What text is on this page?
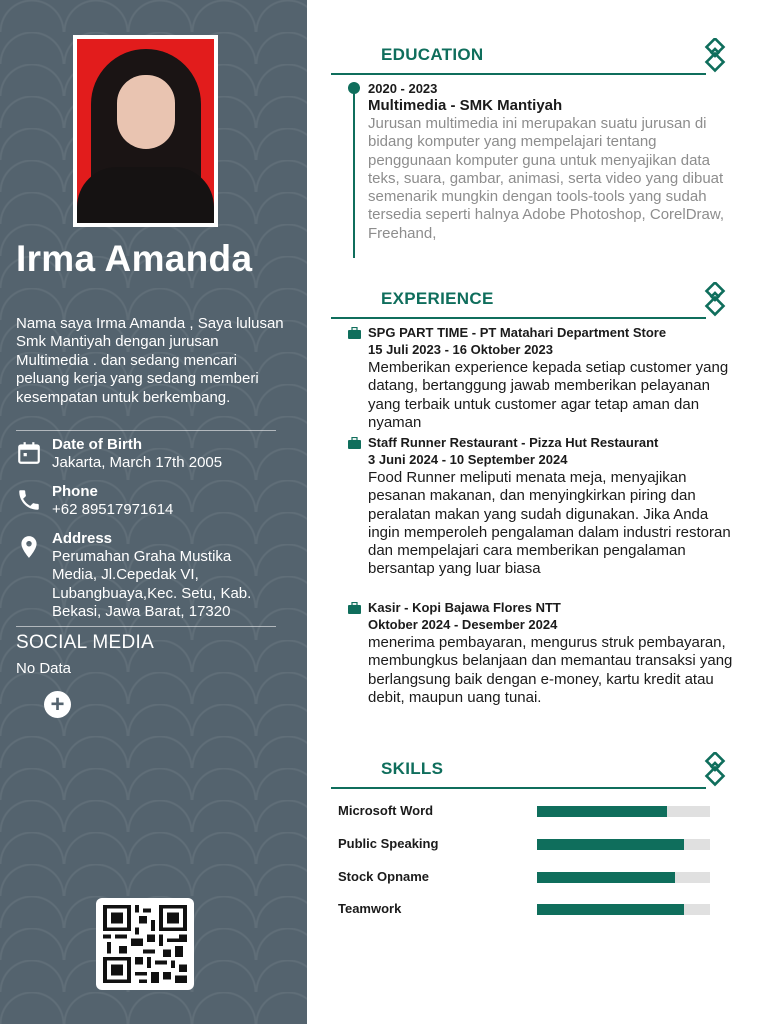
Irma Amanda
Nama saya Irma Amanda , Saya lulusan Smk Mantiyah dengan jurusan Multimedia . dan sedang mencari peluang kerja yang sedang memberi kesempatan untuk berkembang.
Date of Birth
Jakarta, March 17th 2005
Phone
+62 89517971614
Address
Perumahan Graha Mustika Media, Jl.Cepedak VI, Lubangbuaya,Kec. Setu, Kab. Bekasi, Jawa Barat, 17320
SOCIAL MEDIA
No Data
+
EDUCATION
2020 - 2023
Multimedia - SMK Mantiyah
Jurusan multimedia ini merupakan suatu jurusan di bidang komputer yang mempelajari tentang penggunaan komputer guna untuk menyajikan data teks, suara, gambar, animasi, serta video yang dibuat semenarik mungkin dengan tools-tools yang sudah tersedia seperti halnya Adobe Photoshop, CorelDraw, Freehand,
EXPERIENCE
SPG PART TIME - PT Matahari Department Store
15 Juli 2023 - 16 Oktober 2023
Memberikan experience kepada setiap customer yang datang, bertanggung jawab memberikan pelayanan yang terbaik untuk customer agar tetap aman dan nyaman
Staff Runner Restaurant - Pizza Hut Restaurant
3 Juni 2024 - 10 September 2024
Food Runner meliputi menata meja, menyajikan pesanan makanan, dan menyingkirkan piring dan peralatan makan yang sudah digunakan. Jika Anda ingin memperoleh pengalaman dalam industri restoran dan mempelajari cara memberikan pengalaman bersantap yang luar biasa
Kasir - Kopi Bajawa Flores NTT
Oktober 2024 - Desember 2024
menerima pembayaran, mengurus struk pembayaran, membungkus belanjaan dan memantau transaksi yang berlangsung baik dengan e-money, kartu kredit atau debit, maupun uang tunai.
SKILLS
Microsoft Word
Public Speaking
Stock Opname
Teamwork
